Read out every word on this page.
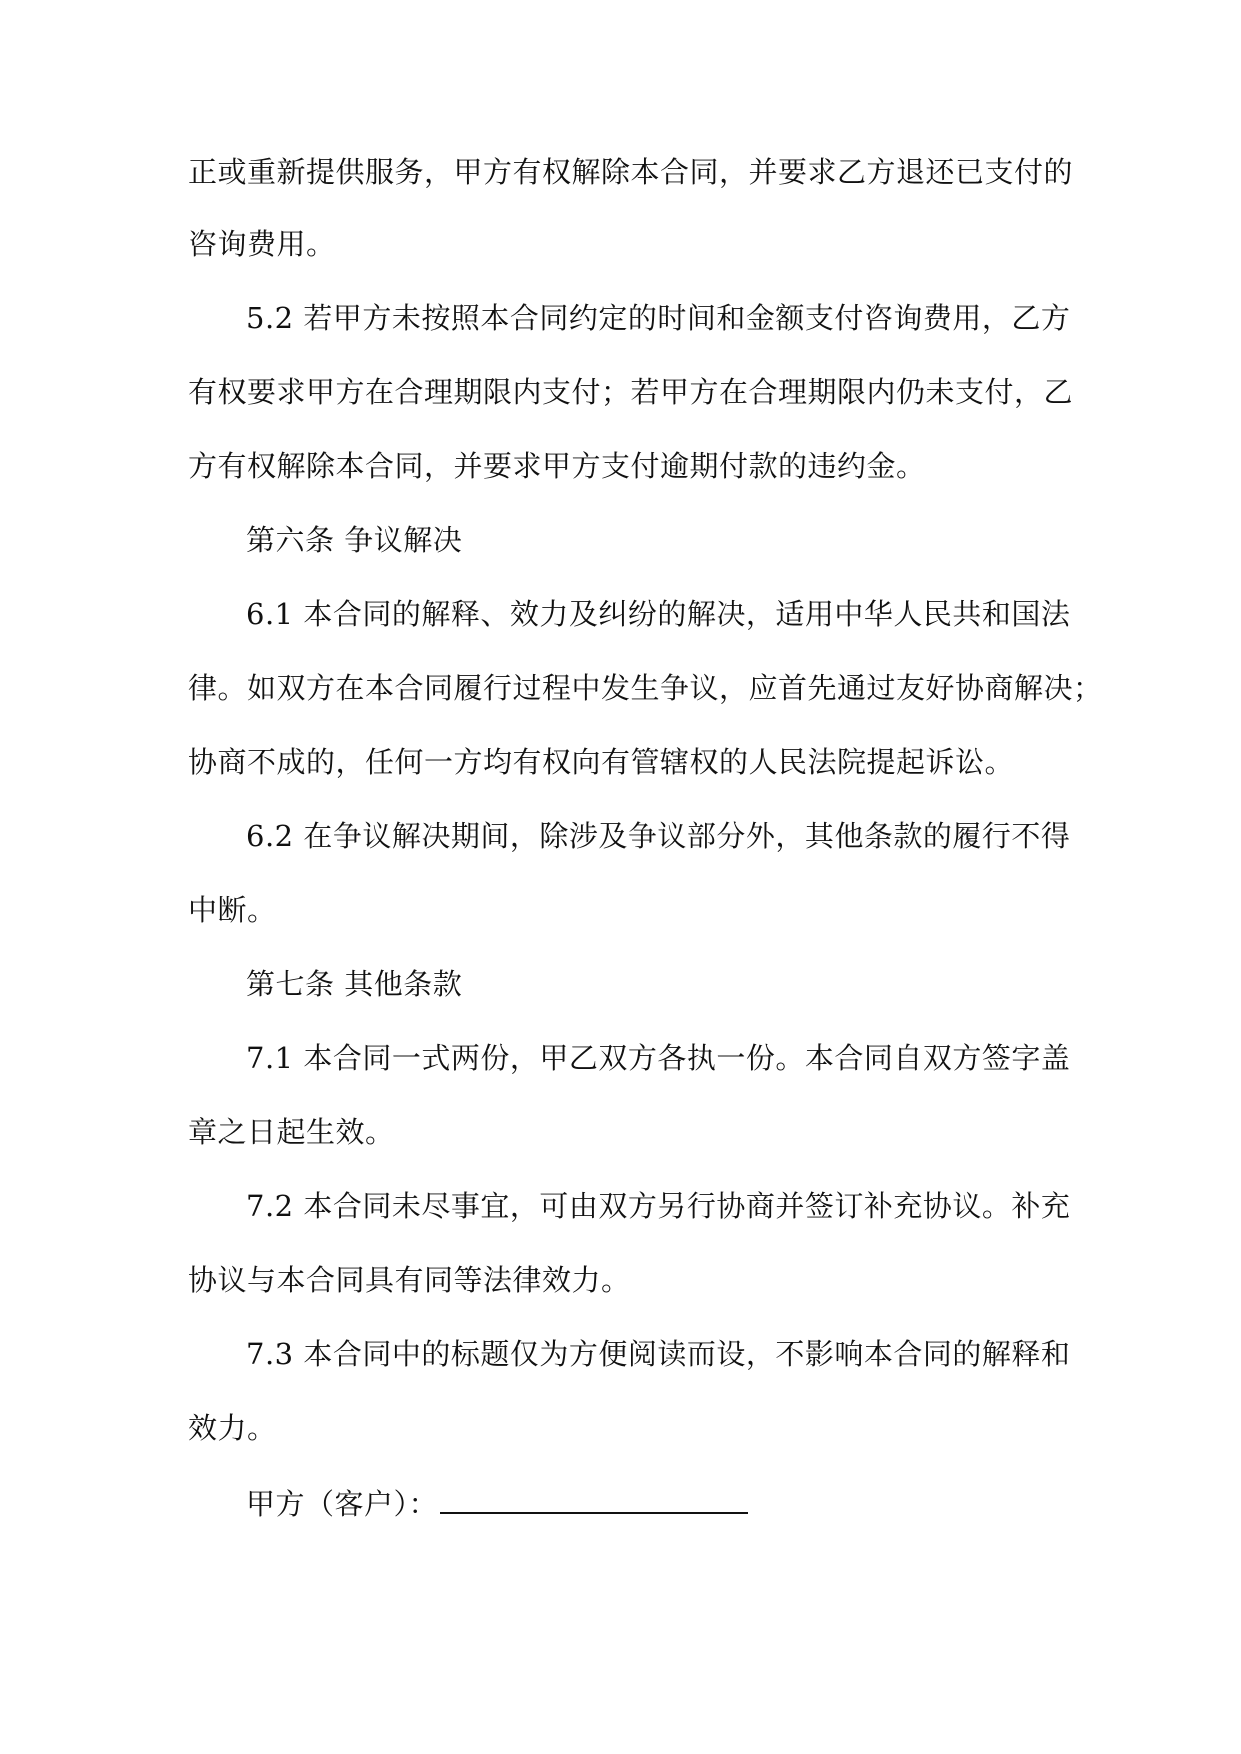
正或重新提供服务，甲方有权解除本合同，并要求乙方退还已支付的
咨询费用。
5.2 若甲方未按照本合同约定的时间和金额支付咨询费用，乙方
有权要求甲方在合理期限内支付；若甲方在合理期限内仍未支付，乙
方有权解除本合同，并要求甲方支付逾期付款的违约金。
第六条 争议解决
6.1 本合同的解释、效力及纠纷的解决，适用中华人民共和国法
律。如双方在本合同履行过程中发生争议，应首先通过友好协商解决；
协商不成的，任何一方均有权向有管辖权的人民法院提起诉讼。
6.2 在争议解决期间，除涉及争议部分外，其他条款的履行不得
中断。
第七条 其他条款
7.1 本合同一式两份，甲乙双方各执一份。本合同自双方签字盖
章之日起生效。
7.2 本合同未尽事宜，可由双方另行协商并签订补充协议。补充
协议与本合同具有同等法律效力。
7.3 本合同中的标题仅为方便阅读而设，不影响本合同的解释和
效力。
甲方（客户）：
